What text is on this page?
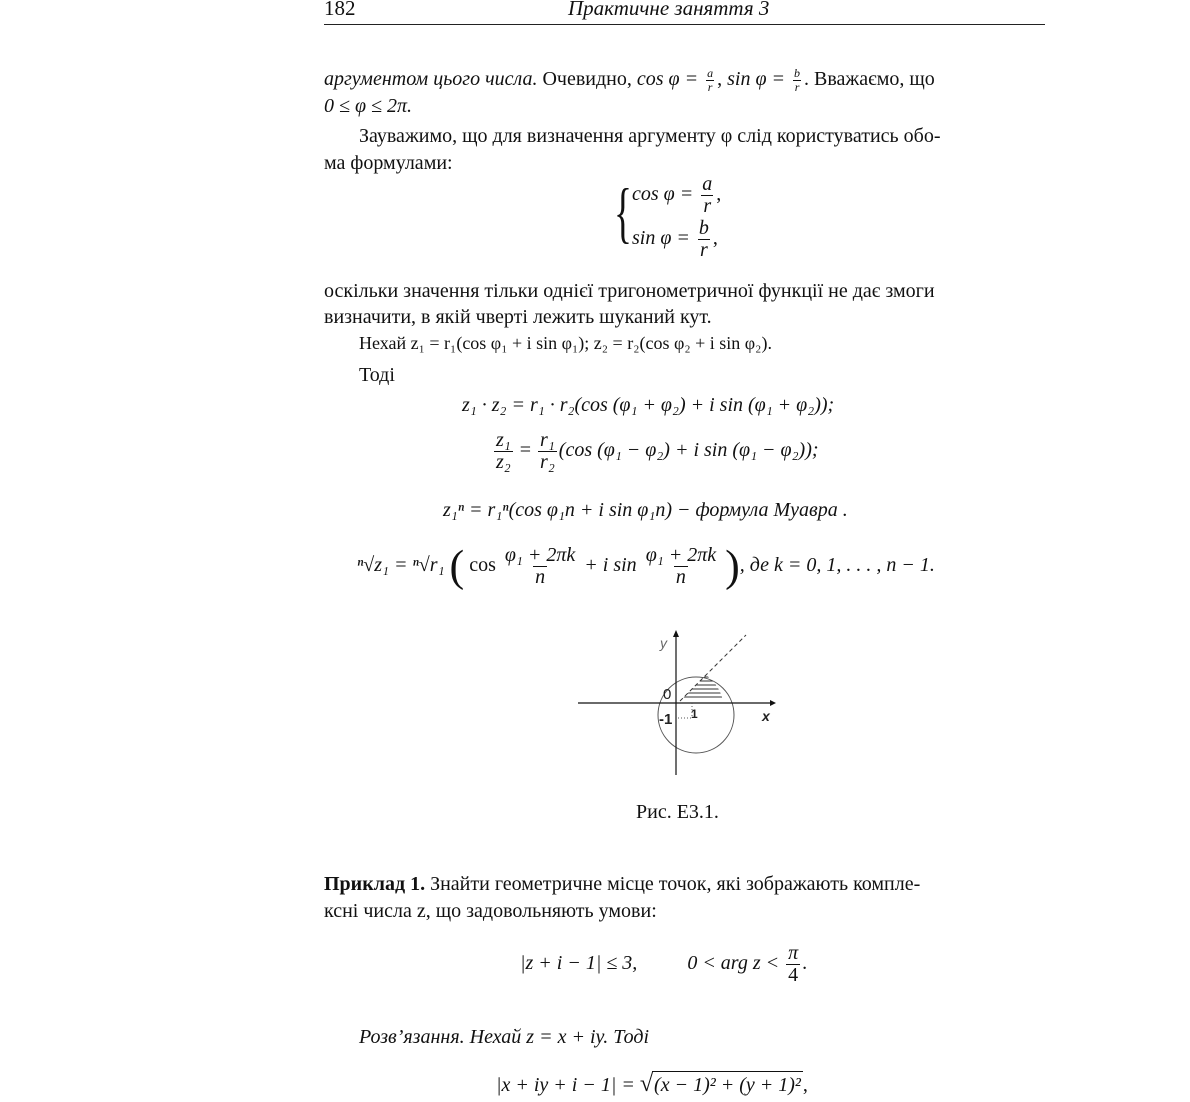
182	Практичне заняття 3
аргументом цього числа. Очевидно, $\cos \varphi = \frac{a}{r}$ , $\sin \varphi = \frac{b}{r}$ . Вважаємо, що
0 ≤ φ ≤ 2π.
Зауважимо, що для визначення аргументу φ слід користуватись обо-
ма формулами:
{ $\cos \varphi = \frac{a}{r}$ ,
$\sin \varphi = \frac{b}{r}$ ,
оскільки значення тільки однієї тригонометричної функції не дає змоги
визначити, в якій чверті лежить шуканий кут.
Нехай z₁ = r₁(cos φ₁ + i sin φ₁); z₂ = r₂(cos φ₂ + i sin φ₂).
Тоді
z₁ · z₂ = r₁ · r₂(cos (φ₁ + φ₂) + i sin (φ₁ + φ₂));
$\frac{\text{z₁}}{\text{z₂}} = \frac{\text{r₁}}{\text{r₂}} (\cos$ (φ₁ − φ₂) + i sin (φ₁ − φ₂));
z₁ⁿ = r₁ⁿ(cos φ₁n + i sin φ₁n) − формула Муавра .
ⁿ√z₁ = ⁿ√r₁ ( $\cos \frac{\text{φ₁ + 2πk}}{n} + i$ $\sin \frac{\text{φ₁ + 2πk}}{n}$ ), де k = 0, 1, . . . , n − 1.
y
x
0
-1 1
Рис. Е3.1.
Приклад 1. Знайти геометричне місце точок, які зображають компле-
ксні числа z, що задовольняють умови:
|z + i − 1| ≤ 3,	0 < arg $z < \frac{\pi}{4}$ .
Розв’язання. Нехай z = x + iy. Тоді
|x + iy + i − 1| = √(x − 1)² + (y + 1)² ,
